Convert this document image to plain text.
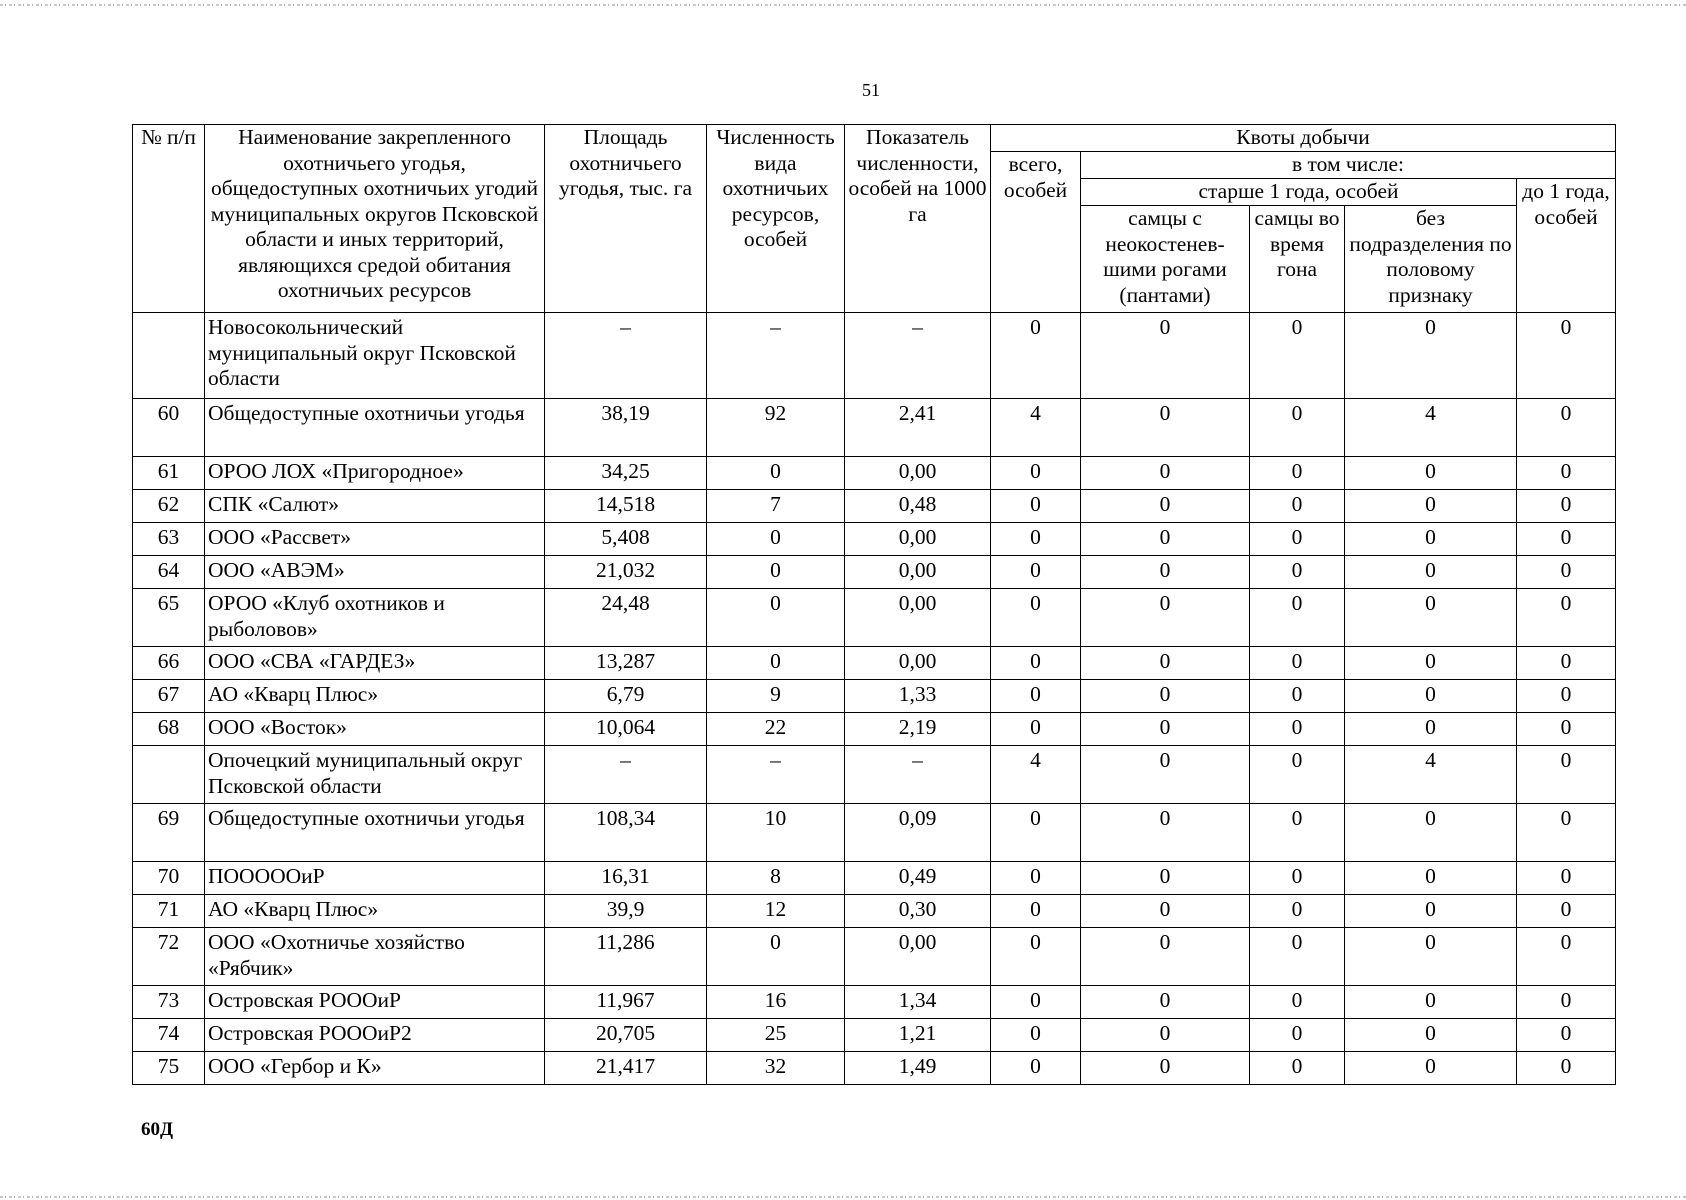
51
№ п/п	Наименование закрепленного охотничьего угодья, общедоступных охотничьих угодий муниципальных округов Псковской области и иных территорий, являющихся средой обитания охотничьих ресурсов	Площадь охотничьего угодья, тыс. га	Численность вида охотничьих ресурсов, особей	Показатель численности, особей на 1000 га	Квоты добычи				
					всего, особей	в том числе:			
						старше 1 года, особей			до 1 года, особей
						самцы с неокостенев-шими рогами (пантами)	самцы во время гона	без подразделения по половому признаку	
	Новосокольнический муниципальный округ Псковской области	–	–	–	0	0	0	0	0
60	Общедоступные охотничьи угодья	38,19	92	2,41	4	0	0	4	0
61	ОРОО ЛОХ «Пригородное»	34,25	0	0,00	0	0	0	0	0
62	СПК «Салют»	14,518	7	0,48	0	0	0	0	0
63	ООО «Рассвет»	5,408	0	0,00	0	0	0	0	0
64	ООО «АВЭМ»	21,032	0	0,00	0	0	0	0	0
65	ОРОО «Клуб охотников и рыболовов»	24,48	0	0,00	0	0	0	0	0
66	ООО «СВА «ГАРДЕЗ»	13,287	0	0,00	0	0	0	0	0
67	АО «Кварц Плюс»	6,79	9	1,33	0	0	0	0	0
68	ООО «Восток»	10,064	22	2,19	0	0	0	0	0
	Опочецкий муниципальный округ Псковской области	–	–	–	4	0	0	4	0
69	Общедоступные охотничьи угодья	108,34	10	0,09	0	0	0	0	0
70	ПОООООиР	16,31	8	0,49	0	0	0	0	0
71	АО «Кварц Плюс»	39,9	12	0,30	0	0	0	0	0
72	ООО «Охотничье хозяйство «Рябчик»	11,286	0	0,00	0	0	0	0	0
73	Островская РОООиР	11,967	16	1,34	0	0	0	0	0
74	Островская РОООиР2	20,705	25	1,21	0	0	0	0	0
75	ООО «Гербор и К»	21,417	32	1,49	0	0	0	0	0
60Д
